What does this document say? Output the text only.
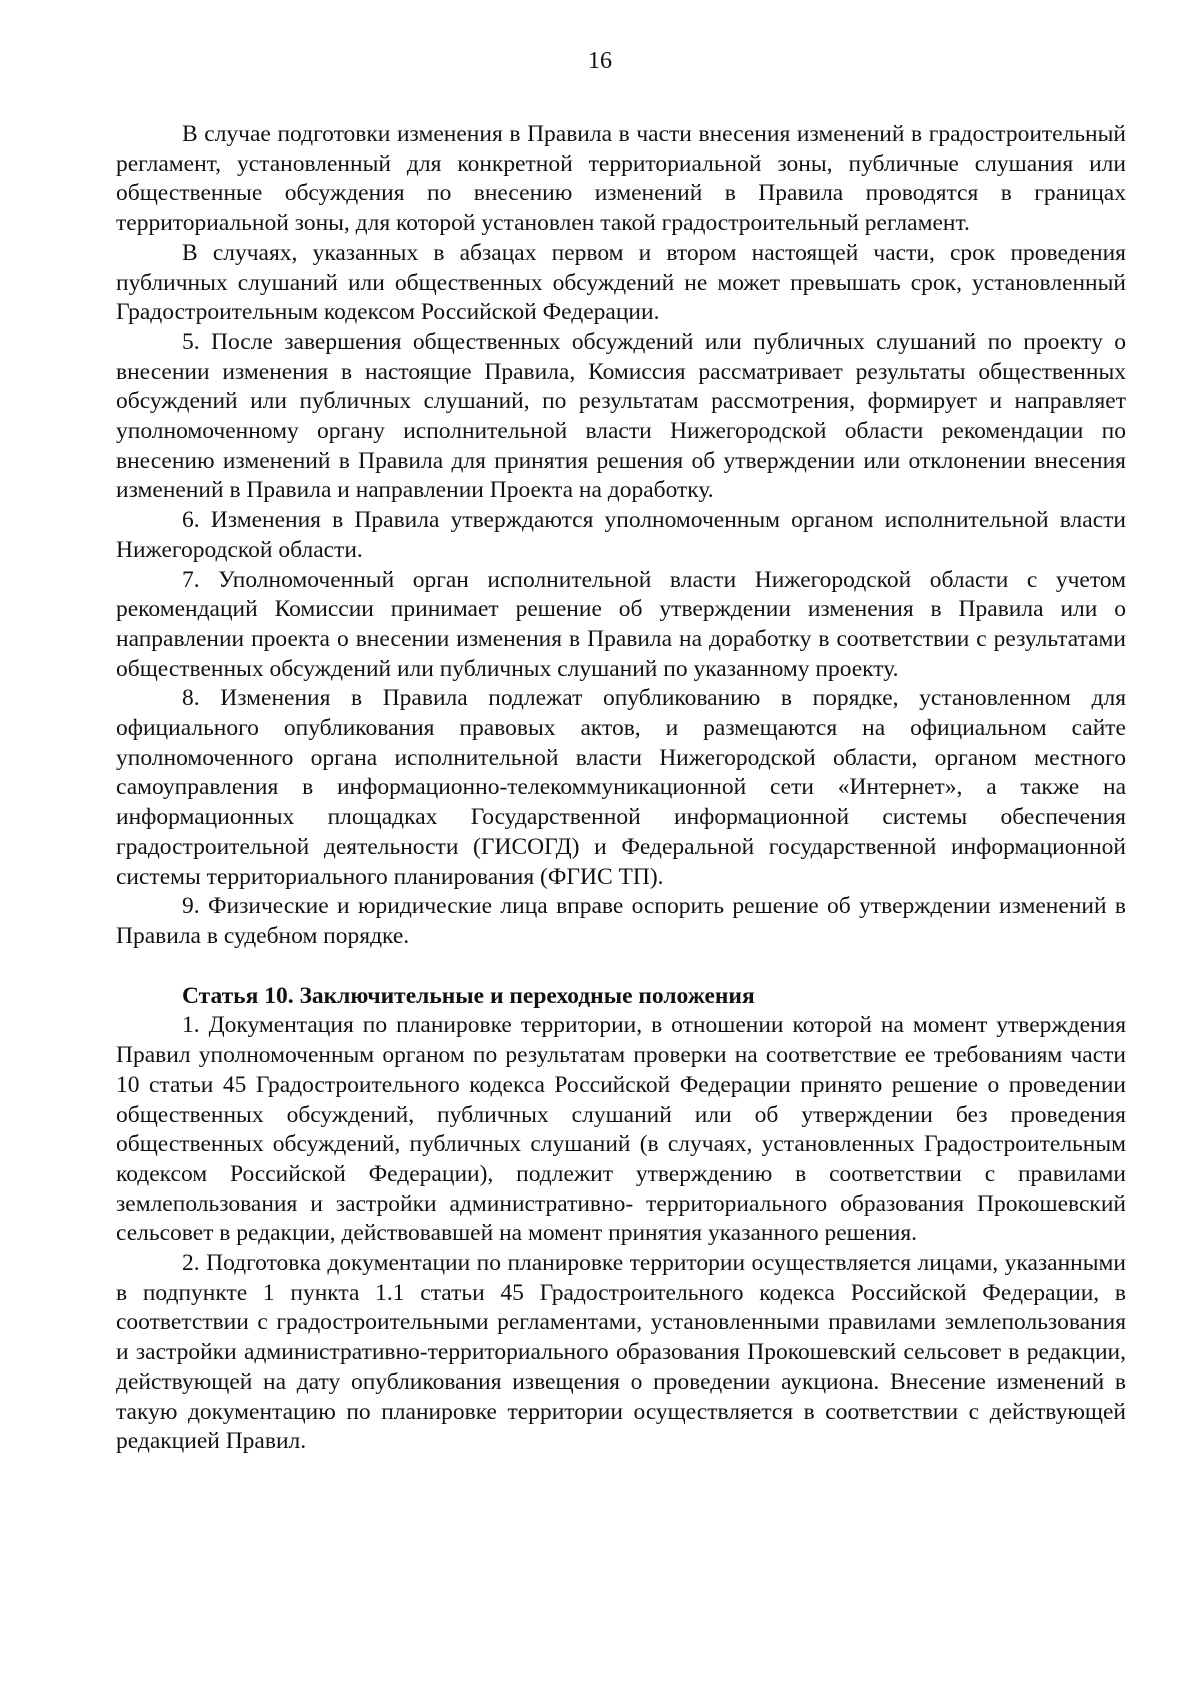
16

В случае подготовки изменения в Правила в части внесения изменений в градостроительный регламент, установленный для конкретной территориальной зоны, публичные слушания или общественные обсуждения по внесению изменений в Правила проводятся в границах территориальной зоны, для которой установлен такой градостроительный регламент.

В случаях, указанных в абзацах первом и втором настоящей части, срок проведения публичных слушаний или общественных обсуждений не может превышать срок, установленный Градостроительным кодексом Российской Федерации.

5. После завершения общественных обсуждений или публичных слушаний по проекту о внесении изменения в настоящие Правила, Комиссия рассматривает результаты общественных обсуждений или публичных слушаний, по результатам рассмотрения, формирует и направляет уполномоченному органу исполнительной власти Нижегородской области рекомендации по внесению изменений в Правила для принятия решения об утверждении или отклонении внесения изменений в Правила и направлении Проекта на доработку.

6. Изменения в Правила утверждаются уполномоченным органом исполнительной власти Нижегородской области.

7. Уполномоченный орган исполнительной власти Нижегородской области с учетом рекомендаций Комиссии принимает решение об утверждении изменения в Правила или о направлении проекта о внесении изменения в Правила на доработку в соответствии с результатами общественных обсуждений или публичных слушаний по указанному проекту.

8. Изменения в Правила подлежат опубликованию в порядке, установленном для официального опубликования правовых актов, и размещаются на официальном сайте уполномоченного органа исполнительной власти Нижегородской области, органом местного самоуправления в информационно-телекоммуникационной сети «Интернет», а также на информационных площадках Государственной информационной системы обеспечения градостроительной деятельности (ГИСОГД) и Федеральной государственной информационной системы территориального планирования (ФГИС ТП).

9. Физические и юридические лица вправе оспорить решение об утверждении изменений в Правила в судебном порядке.

Статья 10. Заключительные и переходные положения

1. Документация по планировке территории, в отношении которой на момент утверждения Правил уполномоченным органом по результатам проверки на соответствие ее требованиям части 10 статьи 45 Градостроительного кодекса Российской Федерации принято решение о проведении общественных обсуждений, публичных слушаний или об утверждении без проведения общественных обсуждений, публичных слушаний (в случаях, установленных Градостроительным кодексом Российской Федерации), подлежит утверждению в соответствии с правилами землепользования и застройки административно- территориального образования Прокошевский сельсовет в редакции, действовавшей на момент принятия указанного решения.

2. Подготовка документации по планировке территории осуществляется лицами, указанными в подпункте 1 пункта 1.1 статьи 45 Градостроительного кодекса Российской Федерации, в соответствии с градостроительными регламентами, установленными правилами землепользования и застройки административно-территориального образования Прокошевский сельсовет в редакции, действующей на дату опубликования извещения о проведении аукциона. Внесение изменений в такую документацию по планировке территории осуществляется в соответствии с действующей редакцией Правил.
